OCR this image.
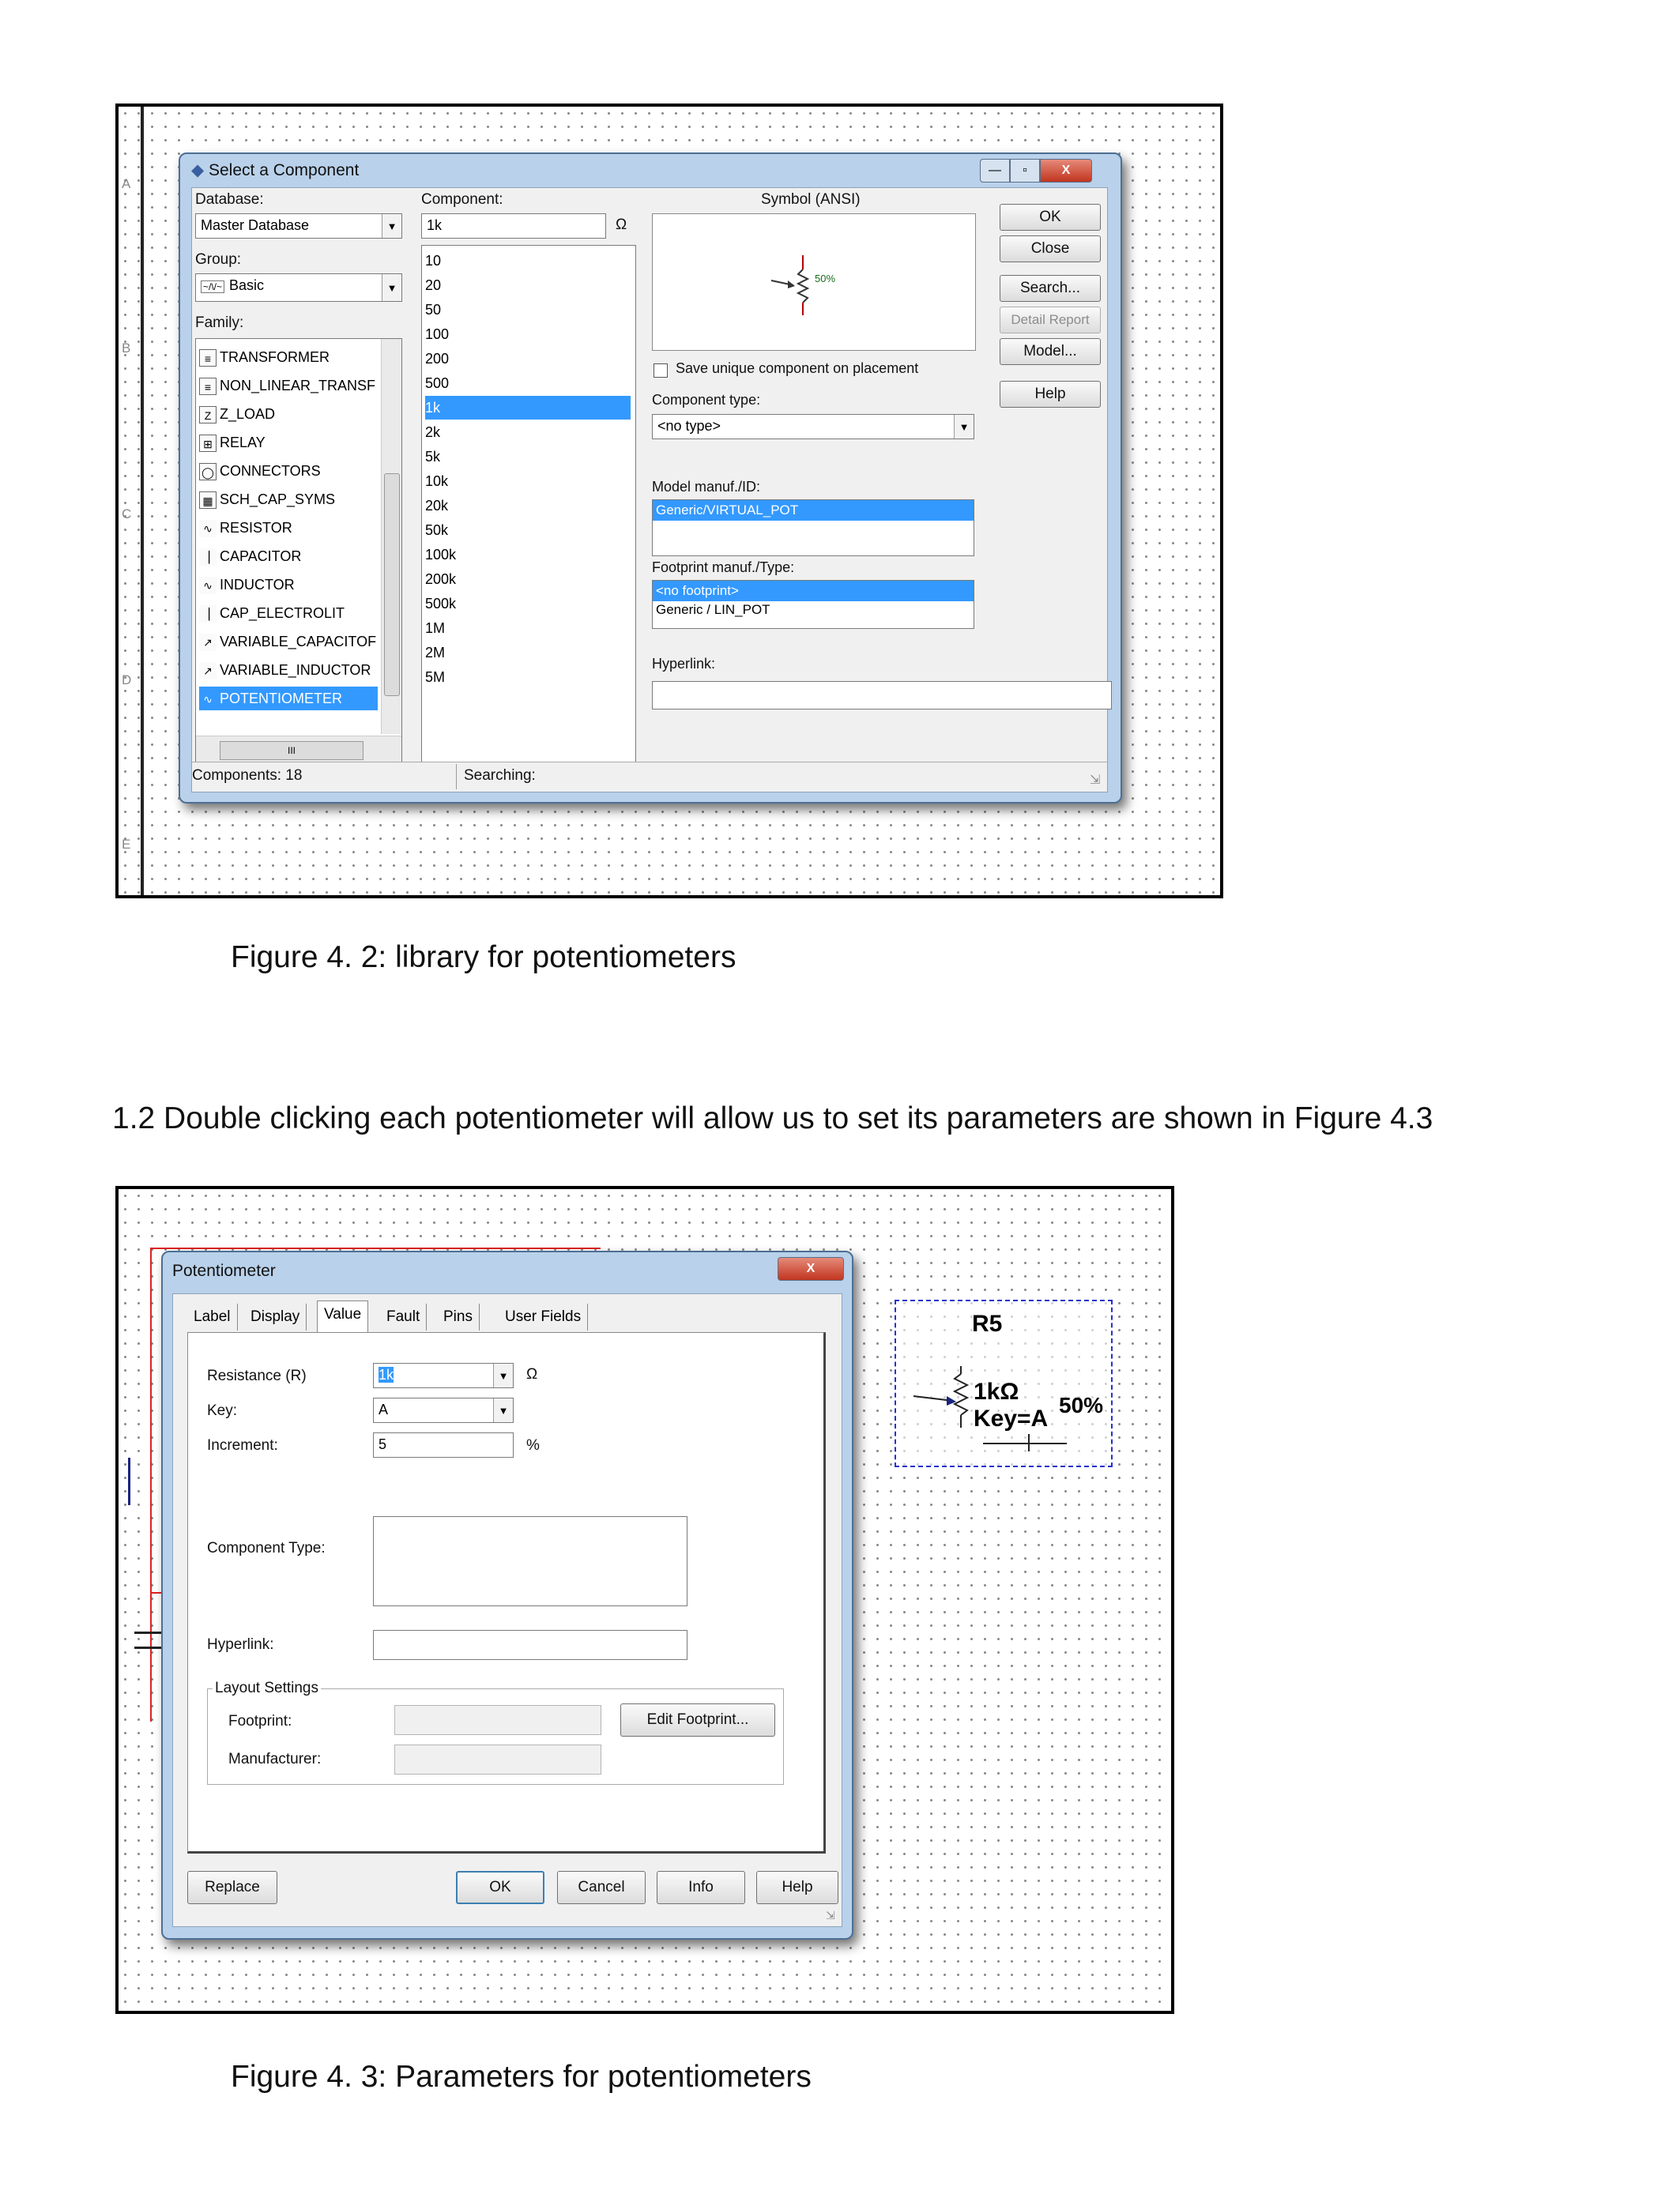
A
B
C
D
E
◆ Select a Component	—	▫	X
Database:
Master Database	▼
Group:
~/\/~ Basic	▼
Family:
≡ TRANSFORMER
≡ NON_LINEAR_TRANSF
Z Z_LOAD
⊞ RELAY
◯ CONNECTORS
▦ SCH_CAP_SYMS
∿ RESISTOR
⎥ CAPACITOR
∿ INDUCTOR
⎥ CAP_ELECTROLIT
↗ VARIABLE_CAPACITOF
↗ VARIABLE_INDUCTOR
∿ POTENTIOMETER
III
Component:
1k	Ω
10
20
50
100
200
500
1k
2k
5k
10k
20k
50k
100k
200k
500k
1M
2M
5M
Symbol (ANSI)
50%
Save unique component on placement
Component type:
<no type>	▼
Model manuf./ID:
Generic/VIRTUAL_POT
Footprint manuf./Type:
<no footprint>
Generic / LIN_POT
Hyperlink:
OK
Close
Search...
Detail Report
Model...
Help
Components: 18	Searching:	⇲
Figure 4. 2: library for potentiometers
1.2 Double clicking each potentiometer will allow us to set its parameters are shown in Figure 4.3
Potentiometer	X
Label	Display	Value	Fault	Pins	User Fields
Resistance (R)	1k	▼ Ω
Key:	A	▼
Increment:	5	%
Component Type:
Hyperlink:
Layout Settings
Footprint:	Edit Footprint...
Manufacturer:
Replace	OK	Cancel	Info	Help
⇲
R5
1kΩ
Key=A
50%
Figure 4. 3: Parameters for potentiometers
